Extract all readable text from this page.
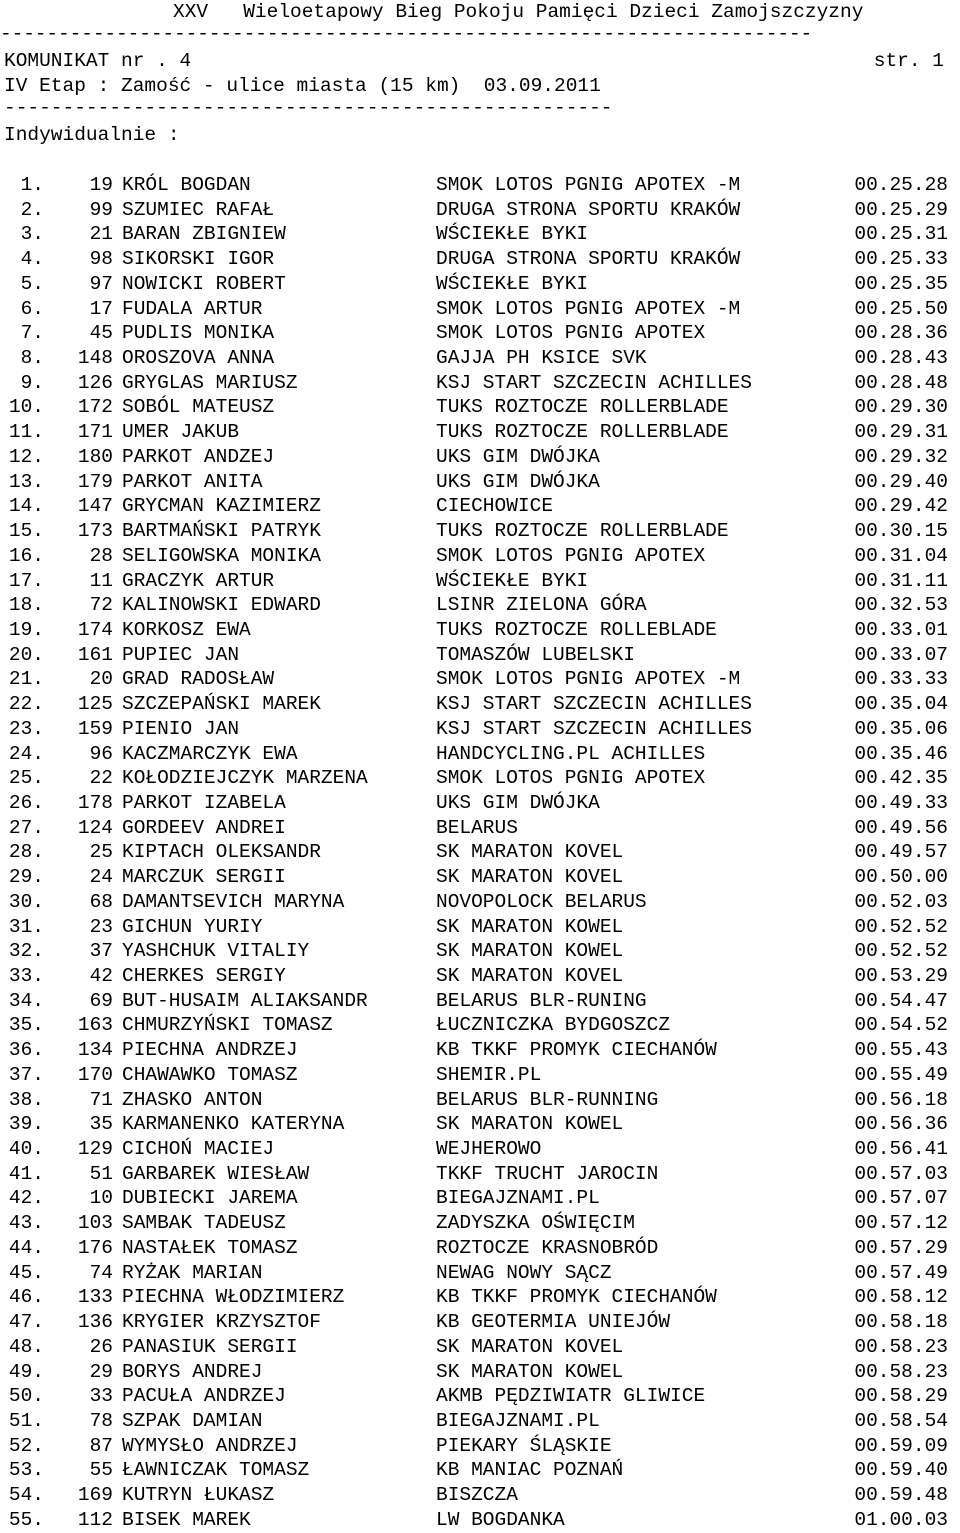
XXV   Wieloetapowy Bieg Pokoju Pamięci Dzieci Zamojszczyzny
----------------------------------------------------------------------
KOMUNIKAT nr . 4	str. 1
IV Etap : Zamość - ulice miasta (15 km)  03.09.2011
----------------------------------------------------
Indywidualnie :
1. 19 KRÓL BOGDAN	SMOK LOTOS PGNIG APOTEX -M	00.25.28
2. 99 SZUMIEC RAFAŁ	DRUGA STRONA SPORTU KRAKÓW	00.25.29
3. 21 BARAN ZBIGNIEW	WŚCIEKŁE BYKI	00.25.31
4. 98 SIKORSKI IGOR	DRUGA STRONA SPORTU KRAKÓW	00.25.33
5. 97 NOWICKI ROBERT	WŚCIEKŁE BYKI	00.25.35
6. 17 FUDALA ARTUR	SMOK LOTOS PGNIG APOTEX -M	00.25.50
7. 45 PUDLIS MONIKA	SMOK LOTOS PGNIG APOTEX	00.28.36
8. 148 OROSZOVA ANNA	GAJJA PH KSICE SVK	00.28.43
9. 126 GRYGLAS MARIUSZ	KSJ START SZCZECIN ACHILLES	00.28.48
10. 172 SOBÓL MATEUSZ	TUKS ROZTOCZE ROLLERBLADE	00.29.30
11. 171 UMER JAKUB	TUKS ROZTOCZE ROLLERBLADE	00.29.31
12. 180 PARKOT ANDZEJ	UKS GIM DWÓJKA	00.29.32
13. 179 PARKOT ANITA	UKS GIM DWÓJKA	00.29.40
14. 147 GRYCMAN KAZIMIERZ	CIECHOWICE	00.29.42
15. 173 BARTMAŃSKI PATRYK	TUKS ROZTOCZE ROLLERBLADE	00.30.15
16. 28 SELIGOWSKA MONIKA	SMOK LOTOS PGNIG APOTEX	00.31.04
17. 11 GRACZYK ARTUR	WŚCIEKŁE BYKI	00.31.11
18. 72 KALINOWSKI EDWARD	LSINR ZIELONA GÓRA	00.32.53
19. 174 KORKOSZ EWA	TUKS ROZTOCZE ROLLEBLADE	00.33.01
20. 161 PUPIEC JAN	TOMASZÓW LUBELSKI	00.33.07
21. 20 GRAD RADOSŁAW	SMOK LOTOS PGNIG APOTEX -M	00.33.33
22. 125 SZCZEPAŃSKI MAREK	KSJ START SZCZECIN ACHILLES	00.35.04
23. 159 PIENIO JAN	KSJ START SZCZECIN ACHILLES	00.35.06
24. 96 KACZMARCZYK EWA	HANDCYCLING.PL ACHILLES	00.35.46
25. 22 KOŁODZIEJCZYK MARZENA	SMOK LOTOS PGNIG APOTEX	00.42.35
26. 178 PARKOT IZABELA	UKS GIM DWÓJKA	00.49.33
27. 124 GORDEEV ANDREI	BELARUS	00.49.56
28. 25 KIPTACH OLEKSANDR	SK MARATON KOVEL	00.49.57
29. 24 MARCZUK SERGII	SK MARATON KOVEL	00.50.00
30. 68 DAMANTSEVICH MARYNA	NOVOPOLOCK BELARUS	00.52.03
31. 23 GICHUN YURIY	SK MARATON KOWEL	00.52.52
32. 37 YASHCHUK VITALIY	SK MARATON KOWEL	00.52.52
33. 42 CHERKES SERGIY	SK MARATON KOVEL	00.53.29
34. 69 BUT-HUSAIM ALIAKSANDR	BELARUS BLR-RUNING	00.54.47
35. 163 CHMURZYŃSKI TOMASZ	ŁUCZNICZKA BYDGOSZCZ	00.54.52
36. 134 PIECHNA ANDRZEJ	KB TKKF PROMYK CIECHANÓW	00.55.43
37. 170 CHAWAWKO TOMASZ	SHEMIR.PL	00.55.49
38. 71 ZHASKO ANTON	BELARUS BLR-RUNNING	00.56.18
39. 35 KARMANENKO KATERYNA	SK MARATON KOWEL	00.56.36
40. 129 CICHOŃ MACIEJ	WEJHEROWO	00.56.41
41. 51 GARBAREK WIESŁAW	TKKF TRUCHT JAROCIN	00.57.03
42. 10 DUBIECKI JAREMA	BIEGAJZNAMI.PL	00.57.07
43. 103 SAMBAK TADEUSZ	ZADYSZKA OŚWIĘCIM	00.57.12
44. 176 NASTAŁEK TOMASZ	ROZTOCZE KRASNOBRÓD	00.57.29
45. 74 RYŻAK MARIAN	NEWAG NOWY SĄCZ	00.57.49
46. 133 PIECHNA WŁODZIMIERZ	KB TKKF PROMYK CIECHANÓW	00.58.12
47. 136 KRYGIER KRZYSZTOF	KB GEOTERMIA UNIEJÓW	00.58.18
48. 26 PANASIUK SERGII	SK MARATON KOVEL	00.58.23
49. 29 BORYS ANDREJ	SK MARATON KOWEL	00.58.23
50. 33 PACUŁA ANDRZEJ	AKMB PĘDZIWIATR GLIWICE	00.58.29
51. 78 SZPAK DAMIAN	BIEGAJZNAMI.PL	00.58.54
52. 87 WYMYSŁO ANDRZEJ	PIEKARY ŚLĄSKIE	00.59.09
53. 55 ŁAWNICZAK TOMASZ	KB MANIAC POZNAŃ	00.59.40
54. 169 KUTRYN ŁUKASZ	BISZCZA	00.59.48
55. 112 BISEK MAREK	LW BOGDANKA	01.00.03
